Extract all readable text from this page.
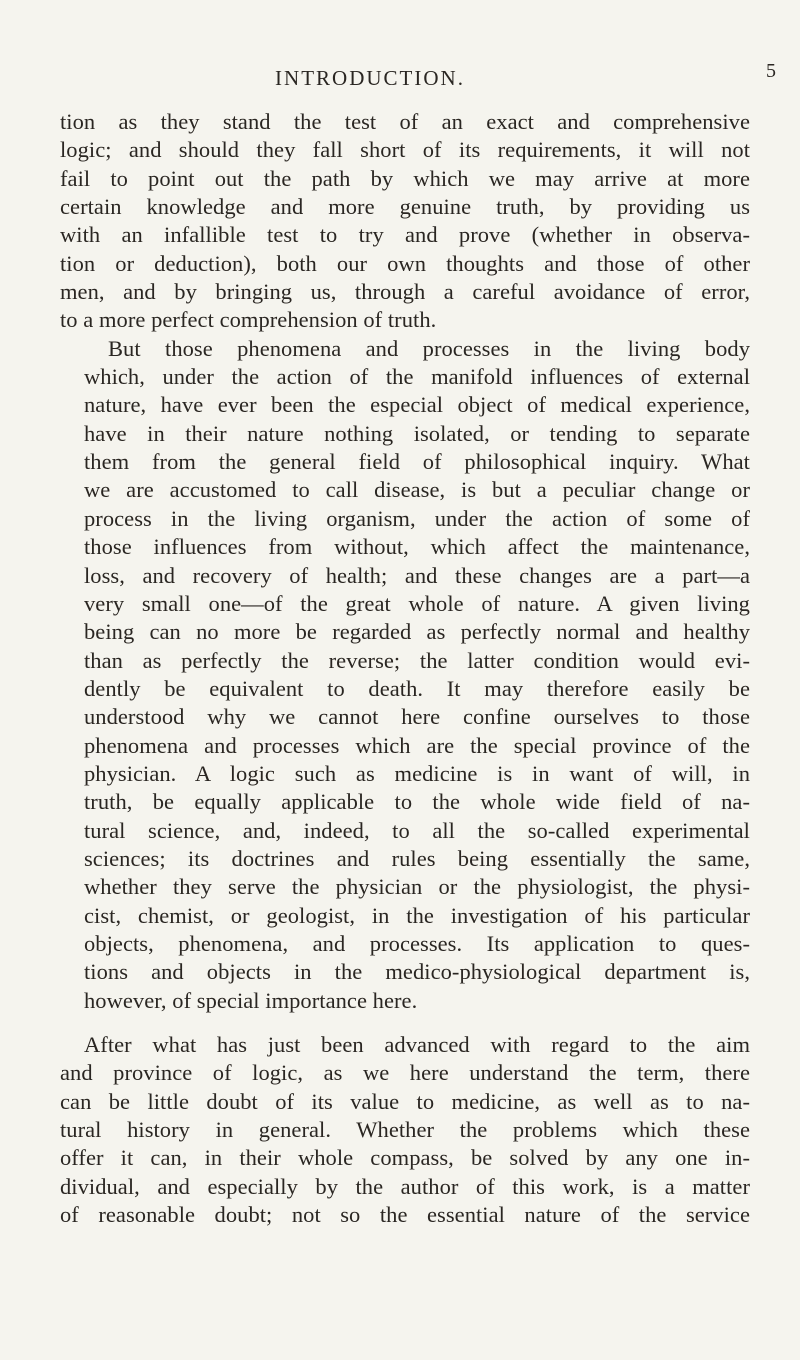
INTRODUCTION.	5

tion as they stand the test of an exact and comprehensive
logic; and should they fall short of its requirements, it will not
fail to point out the path by which we may arrive at more
certain knowledge and more genuine truth, by providing us
with an infallible test to try and prove (whether in observa-
tion or deduction), both our own thoughts and those of other
men, and by bringing us, through a careful avoidance of error,
to a more perfect comprehension of truth.

But those phenomena and processes in the living body
which, under the action of the manifold influences of external
nature, have ever been the especial object of medical experience,
have in their nature nothing isolated, or tending to separate
them from the general field of philosophical inquiry. What
we are accustomed to call disease, is but a peculiar change or
process in the living organism, under the action of some of
those influences from without, which affect the maintenance,
loss, and recovery of health; and these changes are a part—a
very small one—of the great whole of nature. A given living
being can no more be regarded as perfectly normal and healthy
than as perfectly the reverse; the latter condition would evi-
dently be equivalent to death. It may therefore easily be
understood why we cannot here confine ourselves to those
phenomena and processes which are the special province of the
physician. A logic such as medicine is in want of will, in
truth, be equally applicable to the whole wide field of na-
tural science, and, indeed, to all the so-called experimental
sciences; its doctrines and rules being essentially the same,
whether they serve the physician or the physiologist, the physi-
cist, chemist, or geologist, in the investigation of his particular
objects, phenomena, and processes. Its application to ques-
tions and objects in the medico-physiological department is,
however, of special importance here.

After what has just been advanced with regard to the aim
and province of logic, as we here understand the term, there
can be little doubt of its value to medicine, as well as to na-
tural history in general. Whether the problems which these
offer it can, in their whole compass, be solved by any one in-
dividual, and especially by the author of this work, is a matter
of reasonable doubt; not so the essential nature of the service
